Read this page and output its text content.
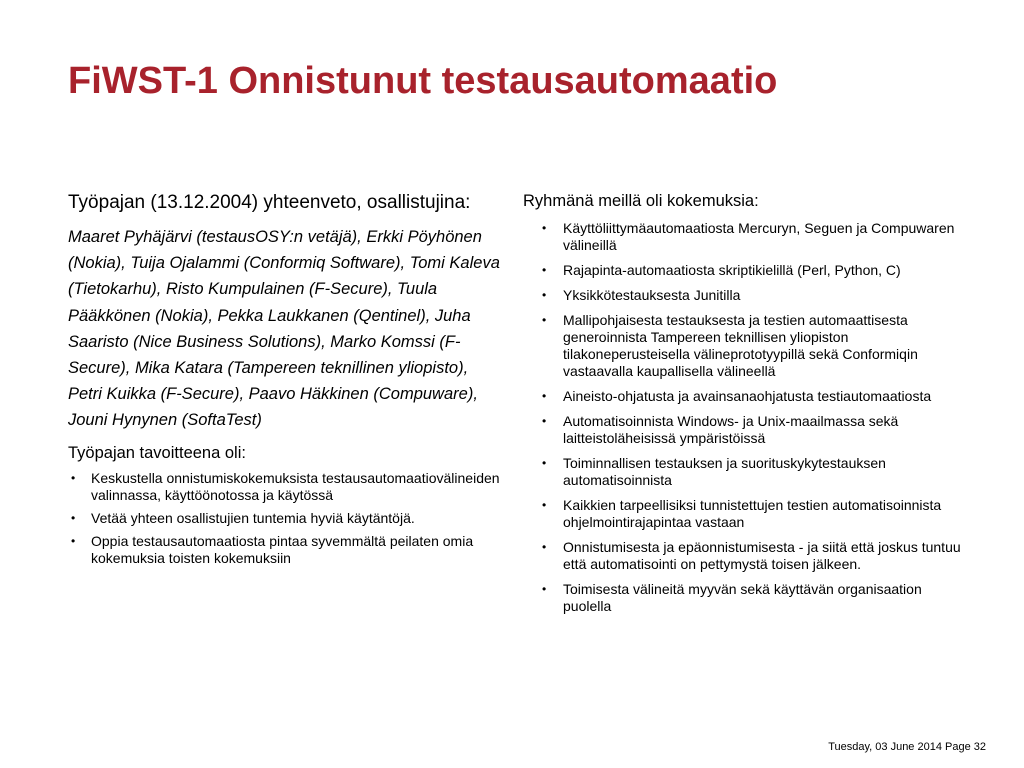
FiWST-1 Onnistunut testausautomaatio

Työpajan (13.12.2004) yhteenveto, osallistujina:

Maaret Pyhäjärvi (testausOSY:n vetäjä), Erkki Pöyhönen (Nokia), Tuija Ojalammi (Conformiq Software), Tomi Kaleva (Tietokarhu), Risto Kumpulainen (F-Secure), Tuula Pääkkönen (Nokia), Pekka Laukkanen (Qentinel), Juha Saaristo (Nice Business Solutions), Marko Komssi (F-Secure), Mika Katara (Tampereen teknillinen yliopisto), Petri Kuikka (F-Secure), Paavo Häkkinen (Compuware), Jouni Hynynen (SoftaTest)

Työpajan tavoitteena oli:

• Keskustella onnistumiskokemuksista testausautomaatiovälineiden valinnassa, käyttöönotossa ja käytössä
• Vetää yhteen osallistujien tuntemia hyviä käytäntöjä.
• Oppia testausautomaatiosta pintaa syvemmältä peilaten omia kokemuksia toisten kokemuksiin

Ryhmänä meillä oli kokemuksia:

• Käyttöliittymäautomaatiosta Mercuryn, Seguen ja Compuwaren välineillä
• Rajapinta-automaatiosta skriptikielillä (Perl, Python, C)
• Yksikkötestauksesta Junitilla
• Mallipohjaisesta testauksesta ja testien automaattisesta generoinnista Tampereen teknillisen yliopiston tilakoneperusteisella välineprototyypillä sekä Conformiqin vastaavalla kaupallisella välineellä
• Aineisto-ohjatusta ja avainsanaohjatusta testiautomaatiosta
• Automatisoinnista Windows- ja Unix-maailmassa sekä laitteistoläheisissä ympäristöissä
• Toiminnallisen testauksen ja suorituskykytestauksen automatisoinnista
• Kaikkien tarpeellisiksi tunnistettujen testien automatisoinnista ohjelmointirajapintaa vastaan
• Onnistumisesta ja epäonnistumisesta - ja siitä että joskus tuntuu että automatisointi on pettymystä toisen jälkeen.
• Toimisesta välineitä myyvän sekä käyttävän organisaation puolella
Tuesday, 03 June 2014 Page 32
